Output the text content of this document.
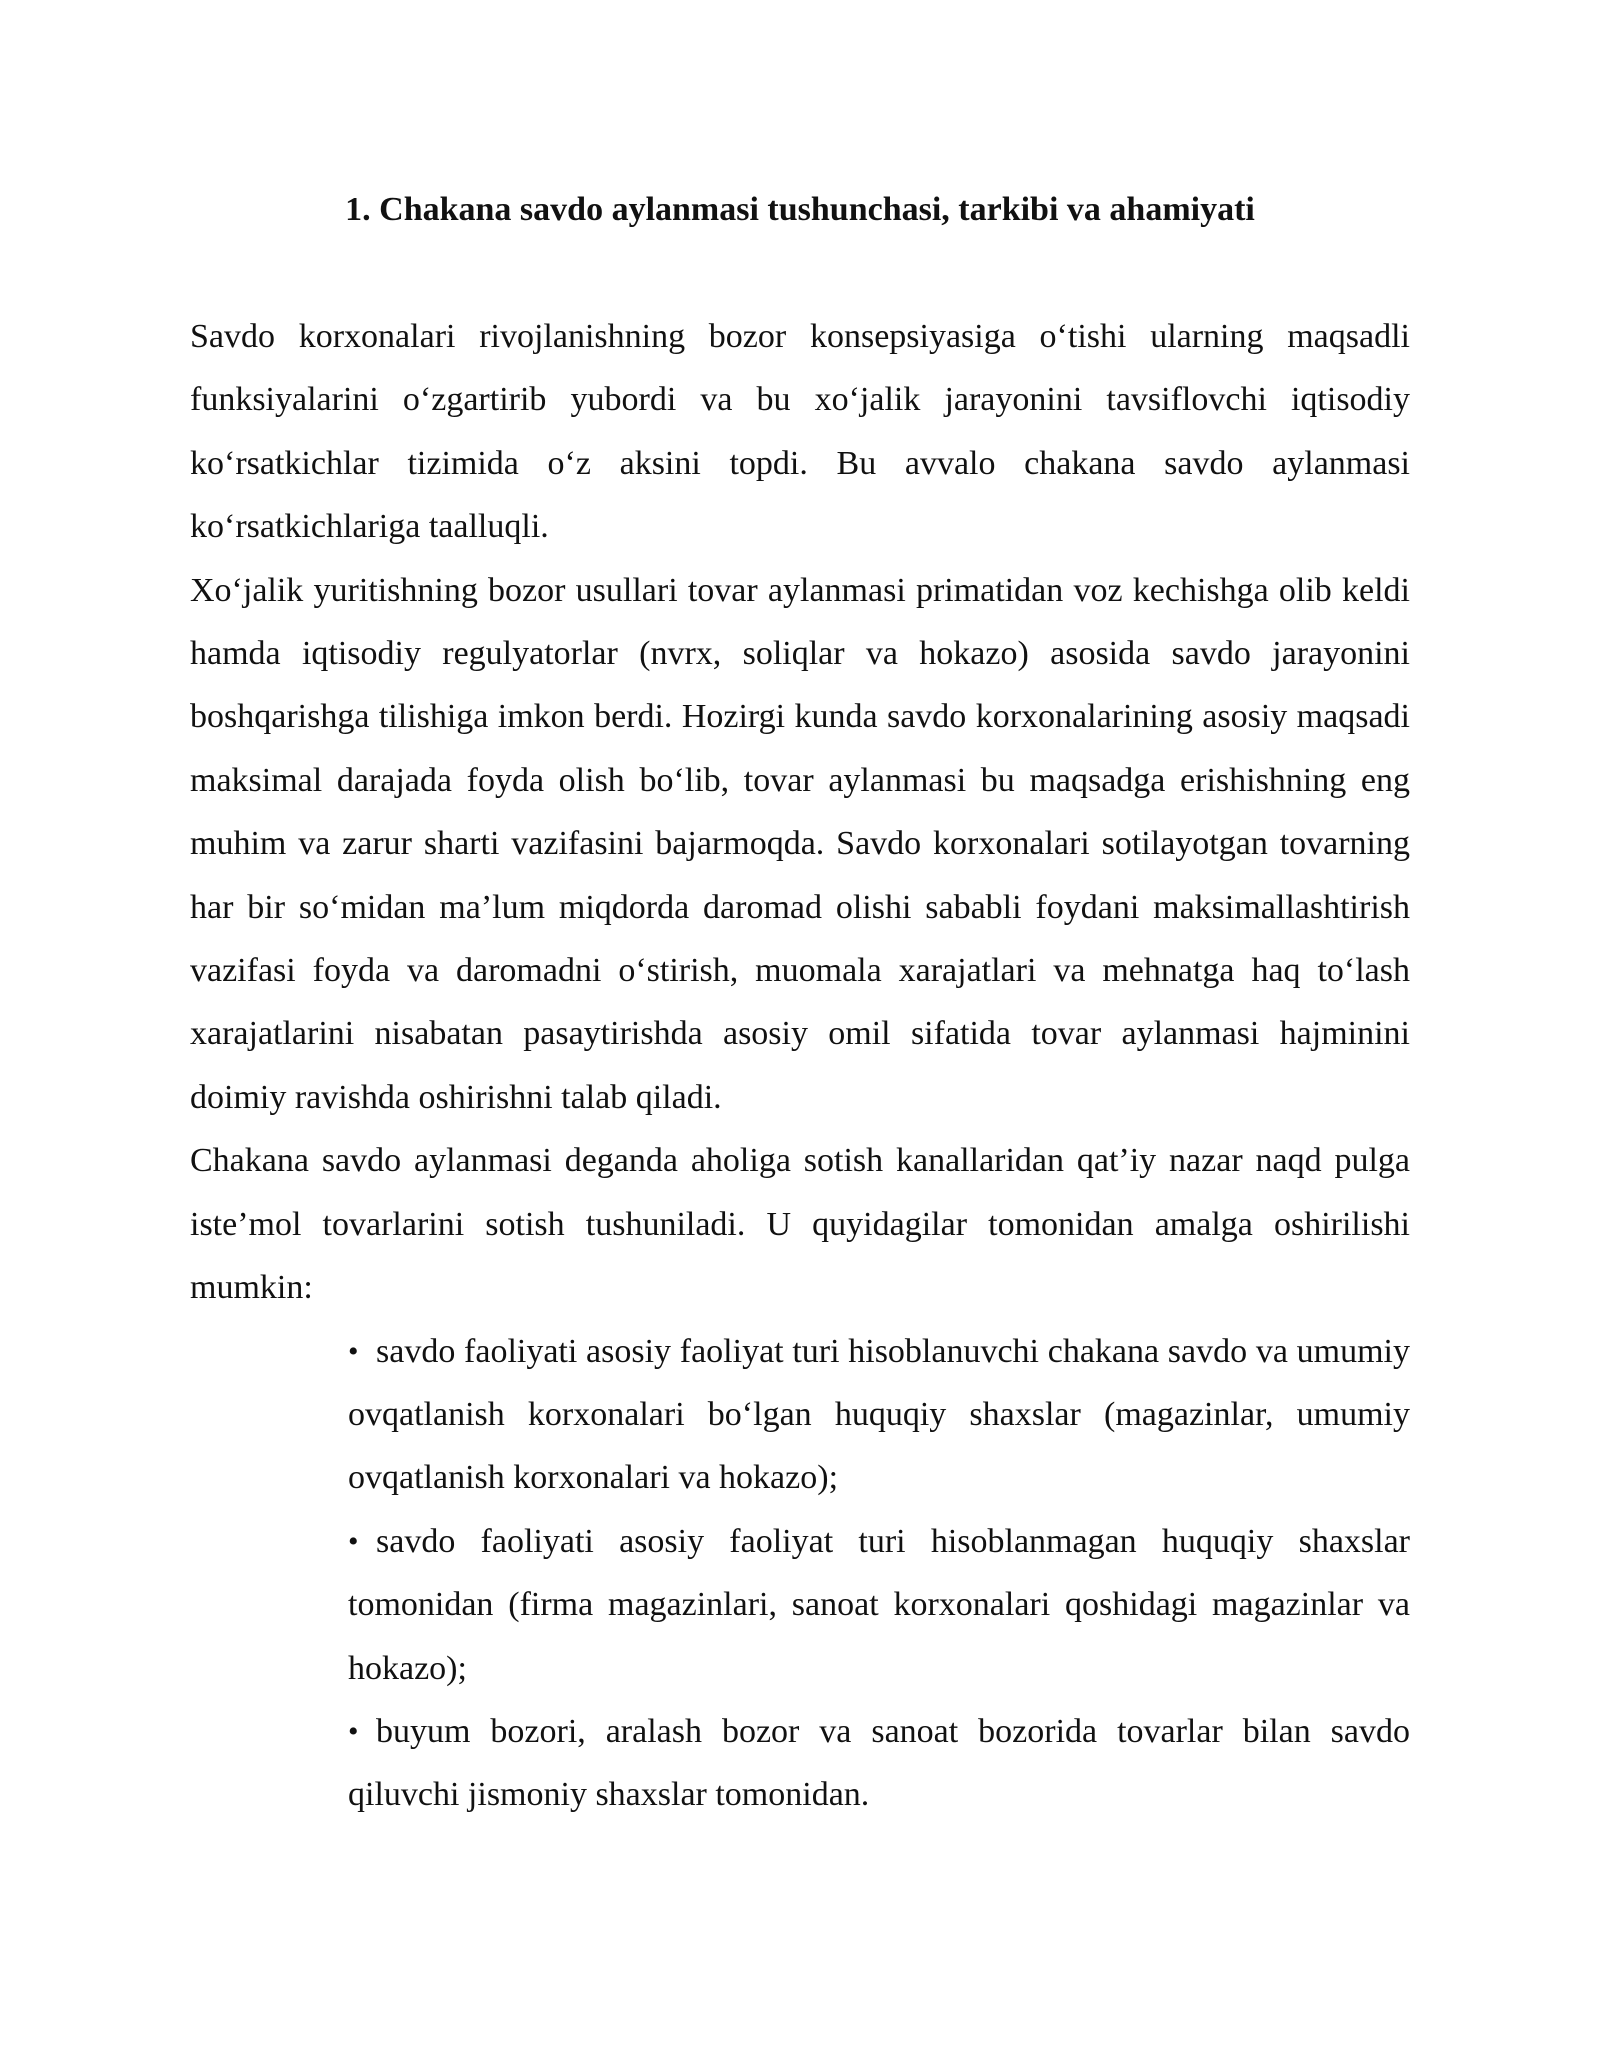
1. Chakana savdo aylanmasi tushunchasi, tarkibi va ahamiyati

Savdo korxonalari rivojlanishning bozor konsepsiyasiga o‘tishi ularning maqsadli funksiyalarini o‘zgartirib yubordi va bu xo‘jalik jarayonini tavsiflovchi iqtisodiy ko‘rsatkichlar tizimida o‘z aksini topdi. Bu avvalo chakana savdo aylanmasi ko‘rsatkichlariga taalluqli.

Xo‘jalik yuritishning bozor usullari tovar aylanmasi primatidan voz kechishga olib keldi hamda iqtisodiy regulyatorlar (nvrx, soliqlar va hokazo) asosida savdo jarayonini boshqarishga tilishiga imkon berdi. Hozirgi kunda savdo korxonalarining asosiy maqsadi maksimal darajada foyda olish bo‘lib, tovar aylanmasi bu maqsadga erishishning eng muhim va zarur sharti vazifasini bajarmoqda. Savdo korxonalari sotilayotgan tovarning har bir so‘midan ma’lum miqdorda daromad olishi sababli foydani maksimallashtirish vazifasi foyda va daromadni o‘stirish, muomala xarajatlari va mehnatga haq to‘lash xarajatlarini nisabatan pasaytirishda asosiy omil sifatida tovar aylanmasi hajminini doimiy ravishda oshirishni talab qiladi.

Chakana savdo aylanmasi deganda aholiga sotish kanallaridan qat’iy nazar naqd pulga iste’mol tovarlarini sotish tushuniladi. U quyidagilar tomonidan amalga oshirilishi mumkin:

• savdo faoliyati asosiy faoliyat turi hisoblanuvchi chakana savdo va umumiy ovqatlanish korxonalari bo‘lgan huquqiy shaxslar (magazinlar, umumiy ovqatlanish korxonalari va hokazo);
• savdo faoliyati asosiy faoliyat turi hisoblanmagan huquqiy shaxslar tomonidan (firma magazinlari, sanoat korxonalari qoshidagi magazinlar va hokazo);
• buyum bozori, aralash bozor va sanoat bozorida tovarlar bilan savdo qiluvchi jismoniy shaxslar tomonidan.
